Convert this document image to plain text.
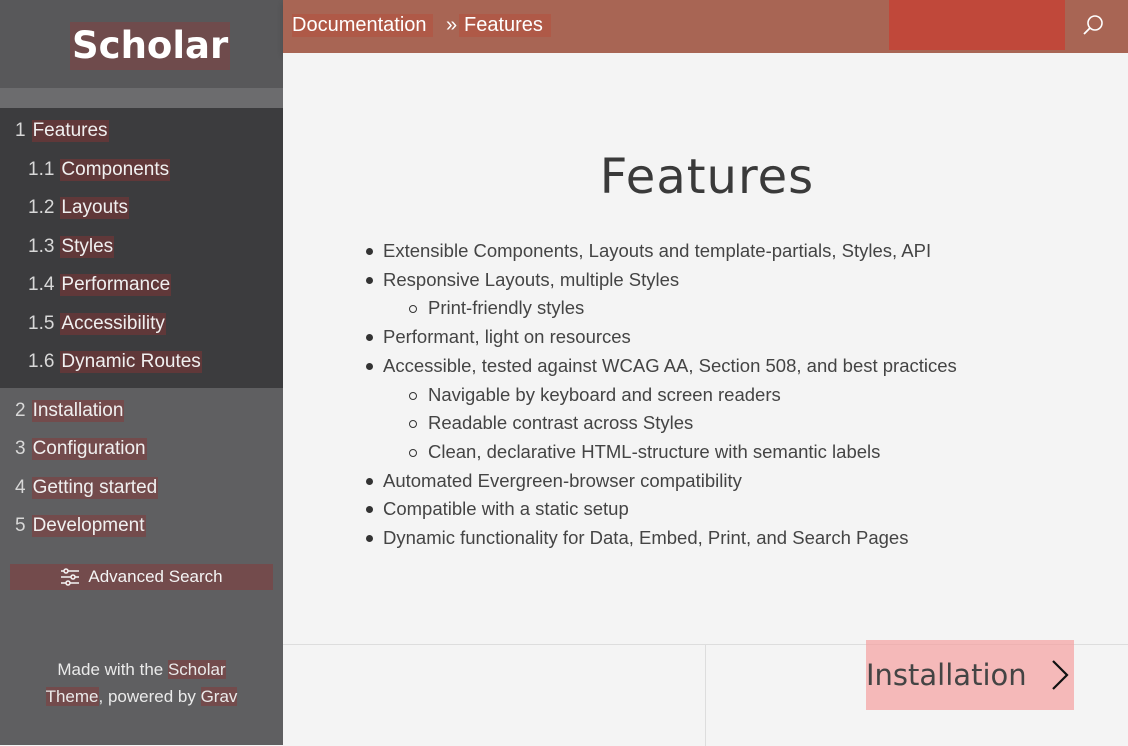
Scholar
1 Features
1.1 Components
1.2 Layouts
1.3 Styles
1.4 Performance
1.5 Accessibility
1.6 Dynamic Routes
2 Installation
3 Configuration
4 Getting started
5 Development
Advanced Search
Made with the Scholar
Theme, powered by Grav
Documentation » Features
Features
Extensible Components, Layouts and template-partials, Styles, API
Responsive Layouts, multiple Styles
Print-friendly styles
Performant, light on resources
Accessible, tested against WCAG AA, Section 508, and best practices
Navigable by keyboard and screen readers
Readable contrast across Styles
Clean, declarative HTML-structure with semantic labels
Automated Evergreen-browser compatibility
Compatible with a static setup
Dynamic functionality for Data, Embed, Print, and Search Pages
Installation
